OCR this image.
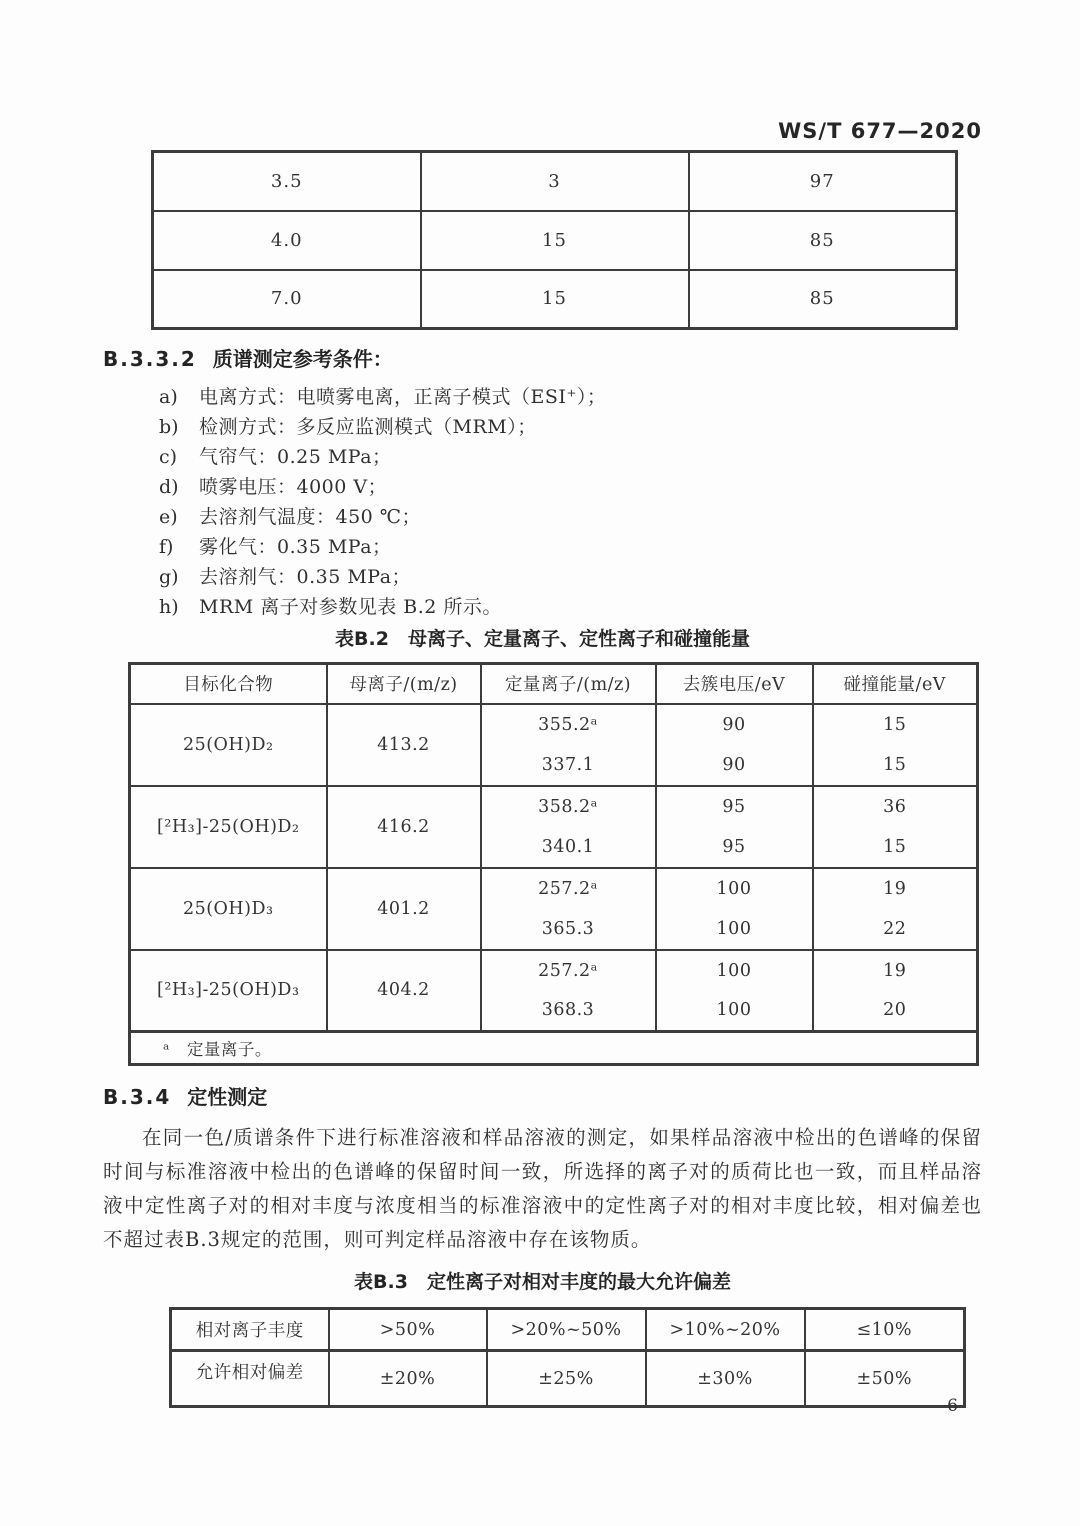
WS/T 677—2020
3.5	3	97
4.0	15	85
7.0	15	85
B.3.3.2 质谱测定参考条件：
a)	电离方式：电喷雾电离，正离子模式（ESI⁺）；
b)	检测方式：多反应监测模式（MRM）；
c)	气帘气：0.25 MPa；
d)	喷雾电压：4000 V；
e)	去溶剂气温度：450 ℃；
f)	雾化气：0.35 MPa；
g)	去溶剂气：0.35 MPa；
h)	MRM 离子对参数见表 B.2 所示。
表B.2　母离子、定量离子、定性离子和碰撞能量
目标化合物	母离子/(m/z)	定量离子/(m/z)	去簇电压/eV	碰撞能量/eV
25(OH)D₂	413.2	355.2ᵃ	90	15
		337.1	90	15
[²H₃]-25(OH)D₂	416.2	358.2ᵃ	95	36
		340.1	95	15
25(OH)D₃	401.2	257.2ᵃ	100	19
		365.3	100	22
[²H₃]-25(OH)D₃	404.2	257.2ᵃ	100	19
		368.3	100	20
ᵃ　定量离子。				
B.3.4 定性测定

在同一色/质谱条件下进行标准溶液和样品溶液的测定，如果样品溶液中检出的色谱峰的保留时间与标准溶液中检出的色谱峰的保留时间一致，所选择的离子对的质荷比也一致，而且样品溶液中定性离子对的相对丰度与浓度相当的标准溶液中的定性离子对的相对丰度比较，相对偏差也不超过表B.3规定的范围，则可判定样品溶液中存在该物质。

表B.3　定性离子对相对丰度的最大允许偏差
相对离子丰度	>50%	>20%~50%	>10%~20%	≤10%
允许相对偏差	±20%	±25%	±30%	±50%
6
